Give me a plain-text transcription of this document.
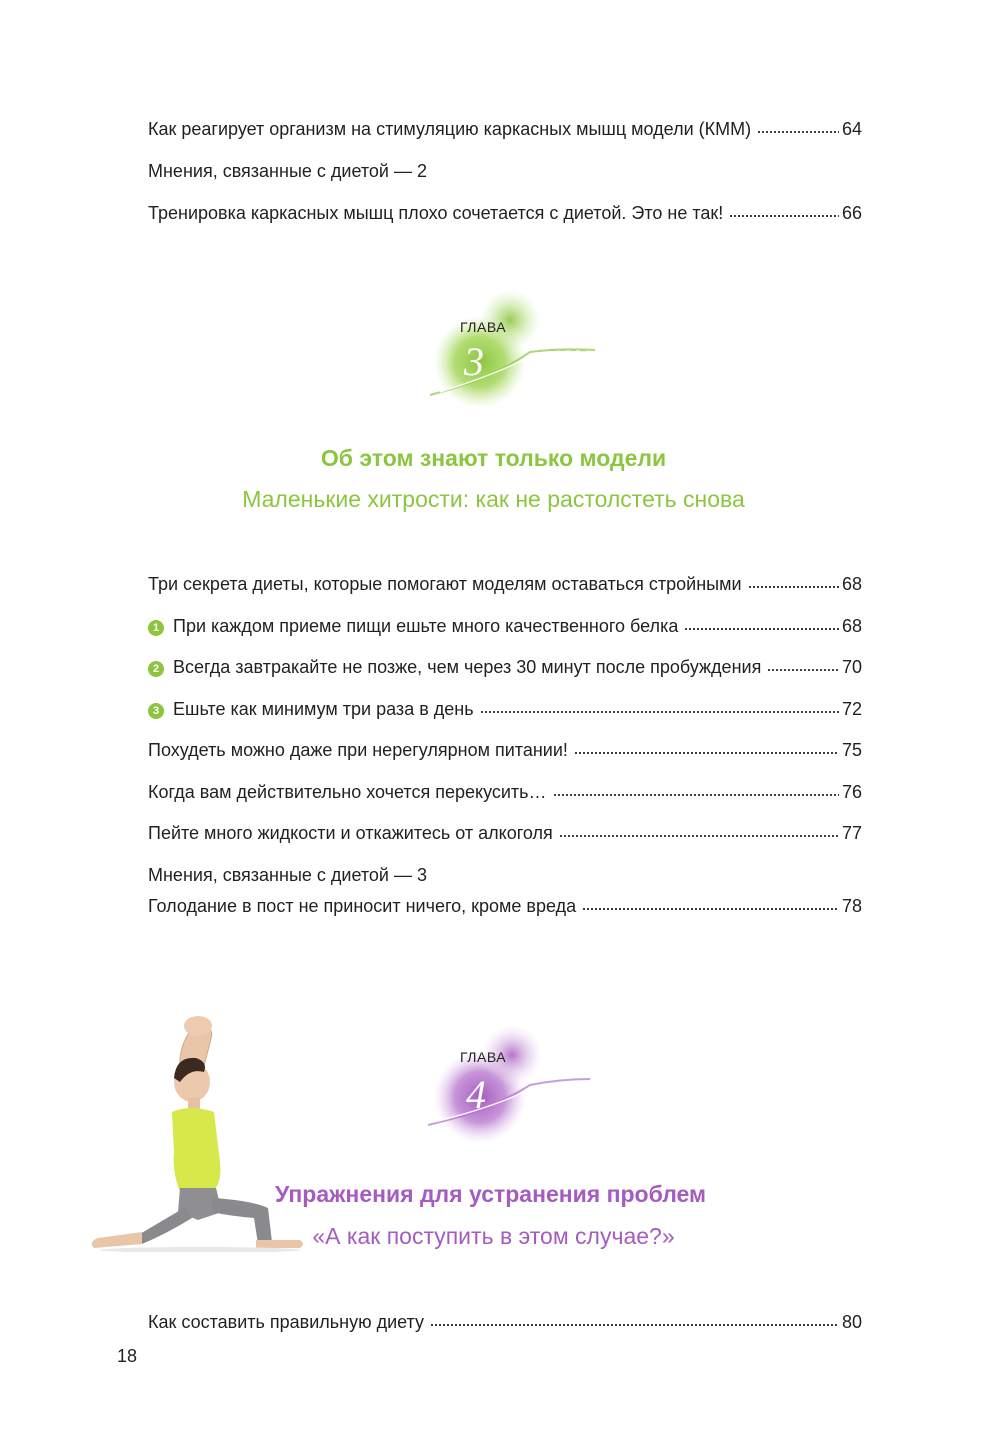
Как реагирует организм на стимуляцию каркасных мышц модели (КММ)	64
Мнения, связанные с диетой — 2
Тренировка каркасных мышц плохо сочетается с диетой. Это не так!	66
ГЛАВА
3
Об этом знают только модели
Маленькие хитрости: как не растолстеть снова
Три секрета диеты, которые помогают моделям оставаться стройными	68
1 При каждом приеме пищи ешьте много качественного белка	68
2 Всегда завтракайте не позже, чем через 30 минут после пробуждения	70
3 Ешьте как минимум три раза в день	72
Похудеть можно даже при нерегулярном питании!	75
Когда вам действительно хочется перекусить…	76
Пейте много жидкости и откажитесь от алкоголя	77
Мнения, связанные с диетой — 3
Голодание в пост не приносит ничего, кроме вреда	78
ГЛАВА
4
Упражнения для устранения проблем
«А как поступить в этом случае?»
Как составить правильную диету	80
18
